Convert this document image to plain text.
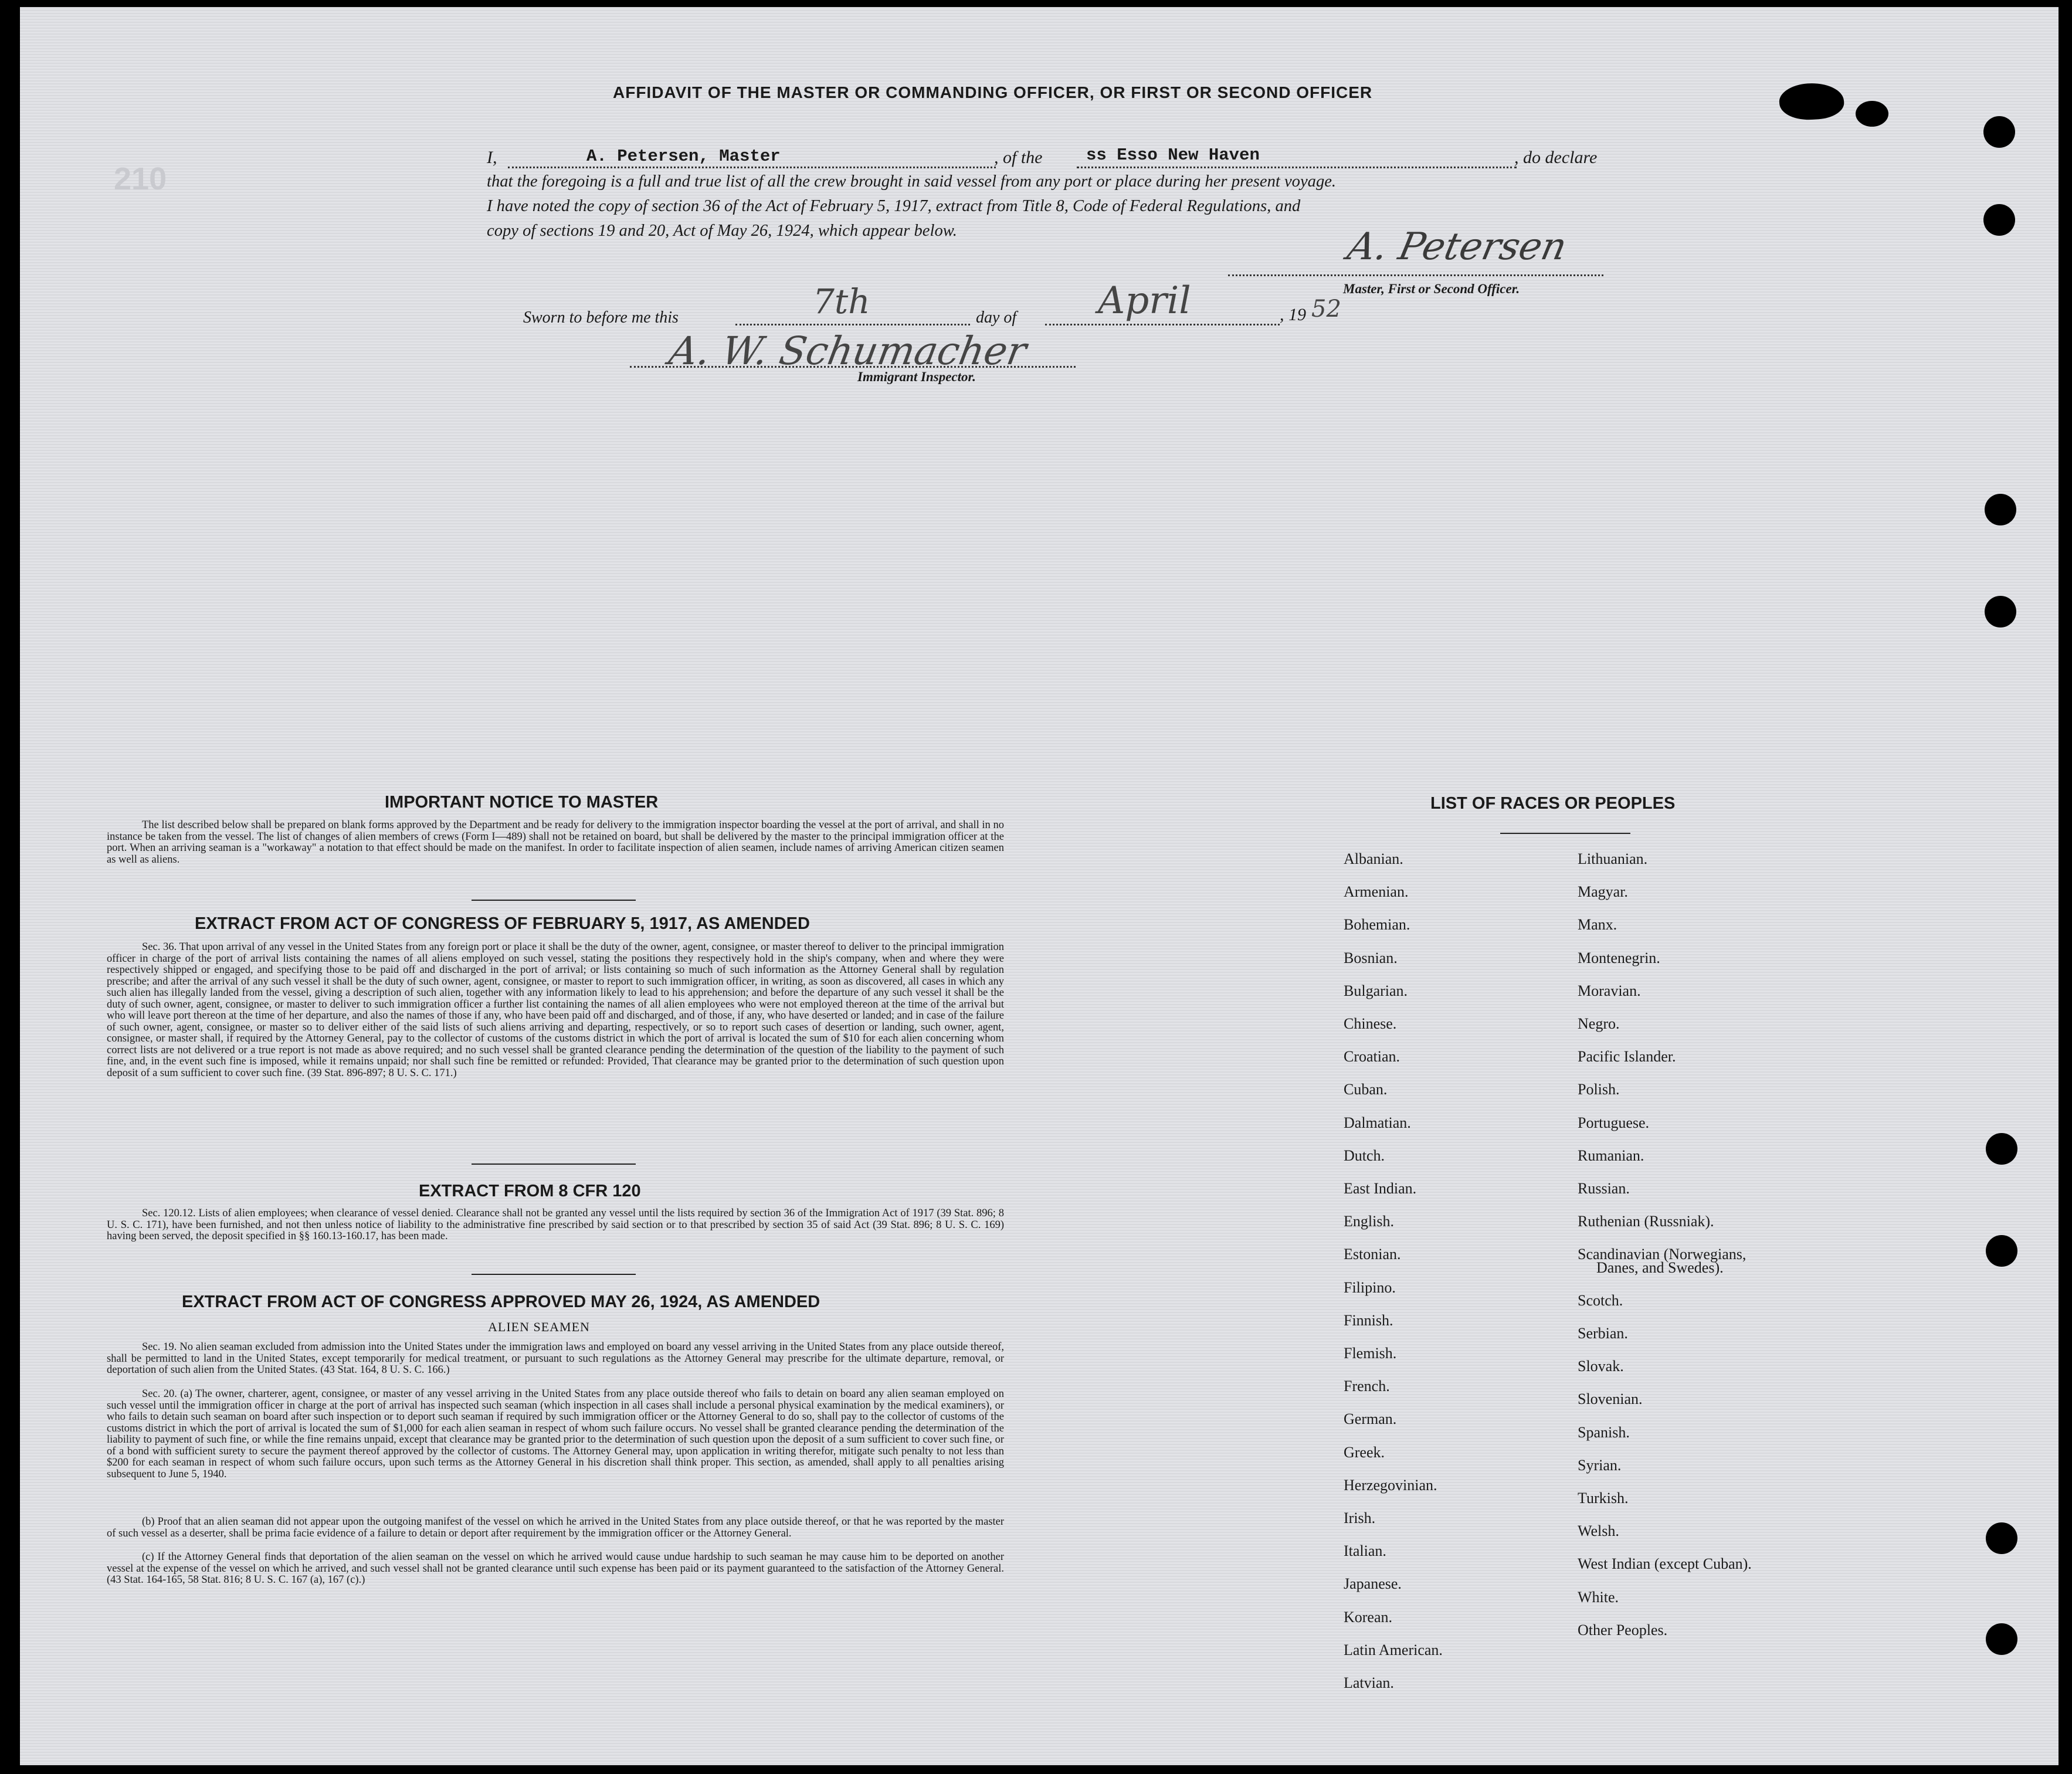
210
AFFIDAVIT OF THE MASTER OR COMMANDING OFFICER, OR FIRST OR SECOND OFFICER
I,	A. Petersen, Master	, of the	ss Esso New Haven	, do declare
that the foregoing is a full and true list of all the crew brought in said vessel from any port or place during her present voyage.
I have noted the copy of section 36 of the Act of February 5, 1917, extract from Title 8, Code of Federal Regulations, and
copy of sections 19 and 20, Act of May 26, 1924, which appear below.	A. Petersen
Master, First or Second Officer.
Sworn to before me this	7th	day of April	, 19 52
A. W. Schumacher
Immigrant Inspector.
IMPORTANT NOTICE TO MASTER
The list described below shall be prepared on blank forms approved by the Department and be ready for delivery to the immigration inspector boarding the vessel at the port of arrival, and shall in no instance be taken from the vessel. The list of changes of alien members of crews (Form I—489) shall not be retained on board, but shall be delivered by the master to the principal immigration officer at the port. When an arriving seaman is a "workaway" a notation to that effect should be made on the manifest. In order to facilitate inspection of alien seamen, include names of arriving American citizen seamen as well as aliens.
EXTRACT FROM ACT OF CONGRESS OF FEBRUARY 5, 1917, AS AMENDED
Sec. 36. That upon arrival of any vessel in the United States from any foreign port or place it shall be the duty of the owner, agent, consignee, or master thereof to deliver to the principal immigration officer in charge of the port of arrival lists containing the names of all aliens employed on such vessel, stating the positions they respectively hold in the ship's company, when and where they were respectively shipped or engaged, and specifying those to be paid off and discharged in the port of arrival; or lists containing so much of such information as the Attorney General shall by regulation prescribe; and after the arrival of any such vessel it shall be the duty of such owner, agent, consignee, or master to report to such immigration officer, in writing, as soon as discovered, all cases in which any such alien has illegally landed from the vessel, giving a description of such alien, together with any information likely to lead to his apprehension; and before the departure of any such vessel it shall be the duty of such owner, agent, consignee, or master to deliver to such immigration officer a further list containing the names of all alien employees who were not employed thereon at the time of the arrival but who will leave port thereon at the time of her departure, and also the names of those if any, who have been paid off and discharged, and of those, if any, who have deserted or landed; and in case of the failure of such owner, agent, consignee, or master so to deliver either of the said lists of such aliens arriving and departing, respectively, or so to report such cases of desertion or landing, such owner, agent, consignee, or master shall, if required by the Attorney General, pay to the collector of customs of the customs district in which the port of arrival is located the sum of $10 for each alien concerning whom correct lists are not delivered or a true report is not made as above required; and no such vessel shall be granted clearance pending the determination of the question of the liability to the payment of such fine, and, in the event such fine is imposed, while it remains unpaid; nor shall such fine be remitted or refunded: Provided, That clearance may be granted prior to the determination of such question upon deposit of a sum sufficient to cover such fine. (39 Stat. 896-897; 8 U. S. C. 171.)
EXTRACT FROM 8 CFR 120
Sec. 120.12. Lists of alien employees; when clearance of vessel denied. Clearance shall not be granted any vessel until the lists required by section 36 of the Immigration Act of 1917 (39 Stat. 896; 8 U. S. C. 171), have been furnished, and not then unless notice of liability to the administrative fine prescribed by said section or to that prescribed by section 35 of said Act (39 Stat. 896; 8 U. S. C. 169) having been served, the deposit specified in §§ 160.13-160.17, has been made.
EXTRACT FROM ACT OF CONGRESS APPROVED MAY 26, 1924, AS AMENDED
ALIEN SEAMEN
Sec. 19. No alien seaman excluded from admission into the United States under the immigration laws and employed on board any vessel arriving in the United States from any place outside thereof, shall be permitted to land in the United States, except temporarily for medical treatment, or pursuant to such regulations as the Attorney General may prescribe for the ultimate departure, removal, or deportation of such alien from the United States. (43 Stat. 164, 8 U. S. C. 166.)
Sec. 20. (a) The owner, charterer, agent, consignee, or master of any vessel arriving in the United States from any place outside thereof who fails to detain on board any alien seaman employed on such vessel until the immigration officer in charge at the port of arrival has inspected such seaman (which inspection in all cases shall include a personal physical examination by the medical examiners), or who fails to detain such seaman on board after such inspection or to deport such seaman if required by such immigration officer or the Attorney General to do so, shall pay to the collector of customs of the customs district in which the port of arrival is located the sum of $1,000 for each alien seaman in respect of whom such failure occurs. No vessel shall be granted clearance pending the determination of the liability to payment of such fine, or while the fine remains unpaid, except that clearance may be granted prior to the determination of such question upon the deposit of a sum sufficient to cover such fine, or of a bond with sufficient surety to secure the payment thereof approved by the collector of customs. The Attorney General may, upon application in writing therefor, mitigate such penalty to not less than $200 for each seaman in respect of whom such failure occurs, upon such terms as the Attorney General in his discretion shall think proper. This section, as amended, shall apply to all penalties arising subsequent to June 5, 1940.
(b) Proof that an alien seaman did not appear upon the outgoing manifest of the vessel on which he arrived in the United States from any place outside thereof, or that he was reported by the master of such vessel as a deserter, shall be prima facie evidence of a failure to detain or deport after requirement by the immigration officer or the Attorney General.
(c) If the Attorney General finds that deportation of the alien seaman on the vessel on which he arrived would cause undue hardship to such seaman he may cause him to be deported on another vessel at the expense of the vessel on which he arrived, and such vessel shall not be granted clearance until such expense has been paid or its payment guaranteed to the satisfaction of the Attorney General. (43 Stat. 164-165, 58 Stat. 816; 8 U. S. C. 167 (a), 167 (c).)
LIST OF RACES OR PEOPLES
Albanian.
Armenian.
Bohemian.
Bosnian.
Bulgarian.
Chinese.
Croatian.
Cuban.
Dalmatian.
Dutch.
East Indian.
English.
Estonian.
Filipino.
Finnish.
Flemish.
French.
German.
Greek.
Herzegovinian.
Irish.
Italian.
Japanese.
Korean.
Latin American.
Latvian.
Lithuanian.
Magyar.
Manx.
Montenegrin.
Moravian.
Negro.
Pacific Islander.
Polish.
Portuguese.
Rumanian.
Russian.
Ruthenian (Russniak).
Scandinavian (Norwegians,
Danes, and Swedes).
Scotch.
Serbian.
Slovak.
Slovenian.
Spanish.
Syrian.
Turkish.
Welsh.
West Indian (except Cuban).
White.
Other Peoples.
